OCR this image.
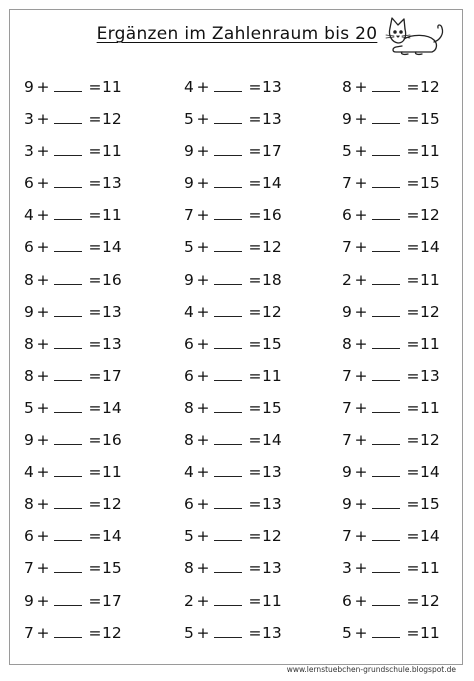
Ergänzen im Zahlenraum bis 20
9 +	= 11
3 +	= 12
3 +	= 11
6 +	= 13
4 +	= 11
6 +	= 14
8 +	= 16
9 +	= 13
8 +	= 13
8 +	= 17
5 +	= 14
9 +	= 16
4 +	= 11
8 +	= 12
6 +	= 14
7 +	= 15
9 +	= 17
7 +	= 12
4 +	= 13
5 +	= 13
9 +	= 17
9 +	= 14
7 +	= 16
5 +	= 12
9 +	= 18
4 +	= 12
6 +	= 15
6 +	= 11
8 +	= 15
8 +	= 14
4 +	= 13
6 +	= 13
5 +	= 12
8 +	= 13
2 +	= 11
5 +	= 13
8 +	= 12
9 +	= 15
5 +	= 11
7 +	= 15
6 +	= 12
7 +	= 14
2 +	= 11
9 +	= 12
8 +	= 11
7 +	= 13
7 +	= 11
7 +	= 12
9 +	= 14
9 +	= 15
7 +	= 14
3 +	= 11
6 +	= 12
5 +	= 11
www.lernstuebchen-grundschule.blogspot.de
